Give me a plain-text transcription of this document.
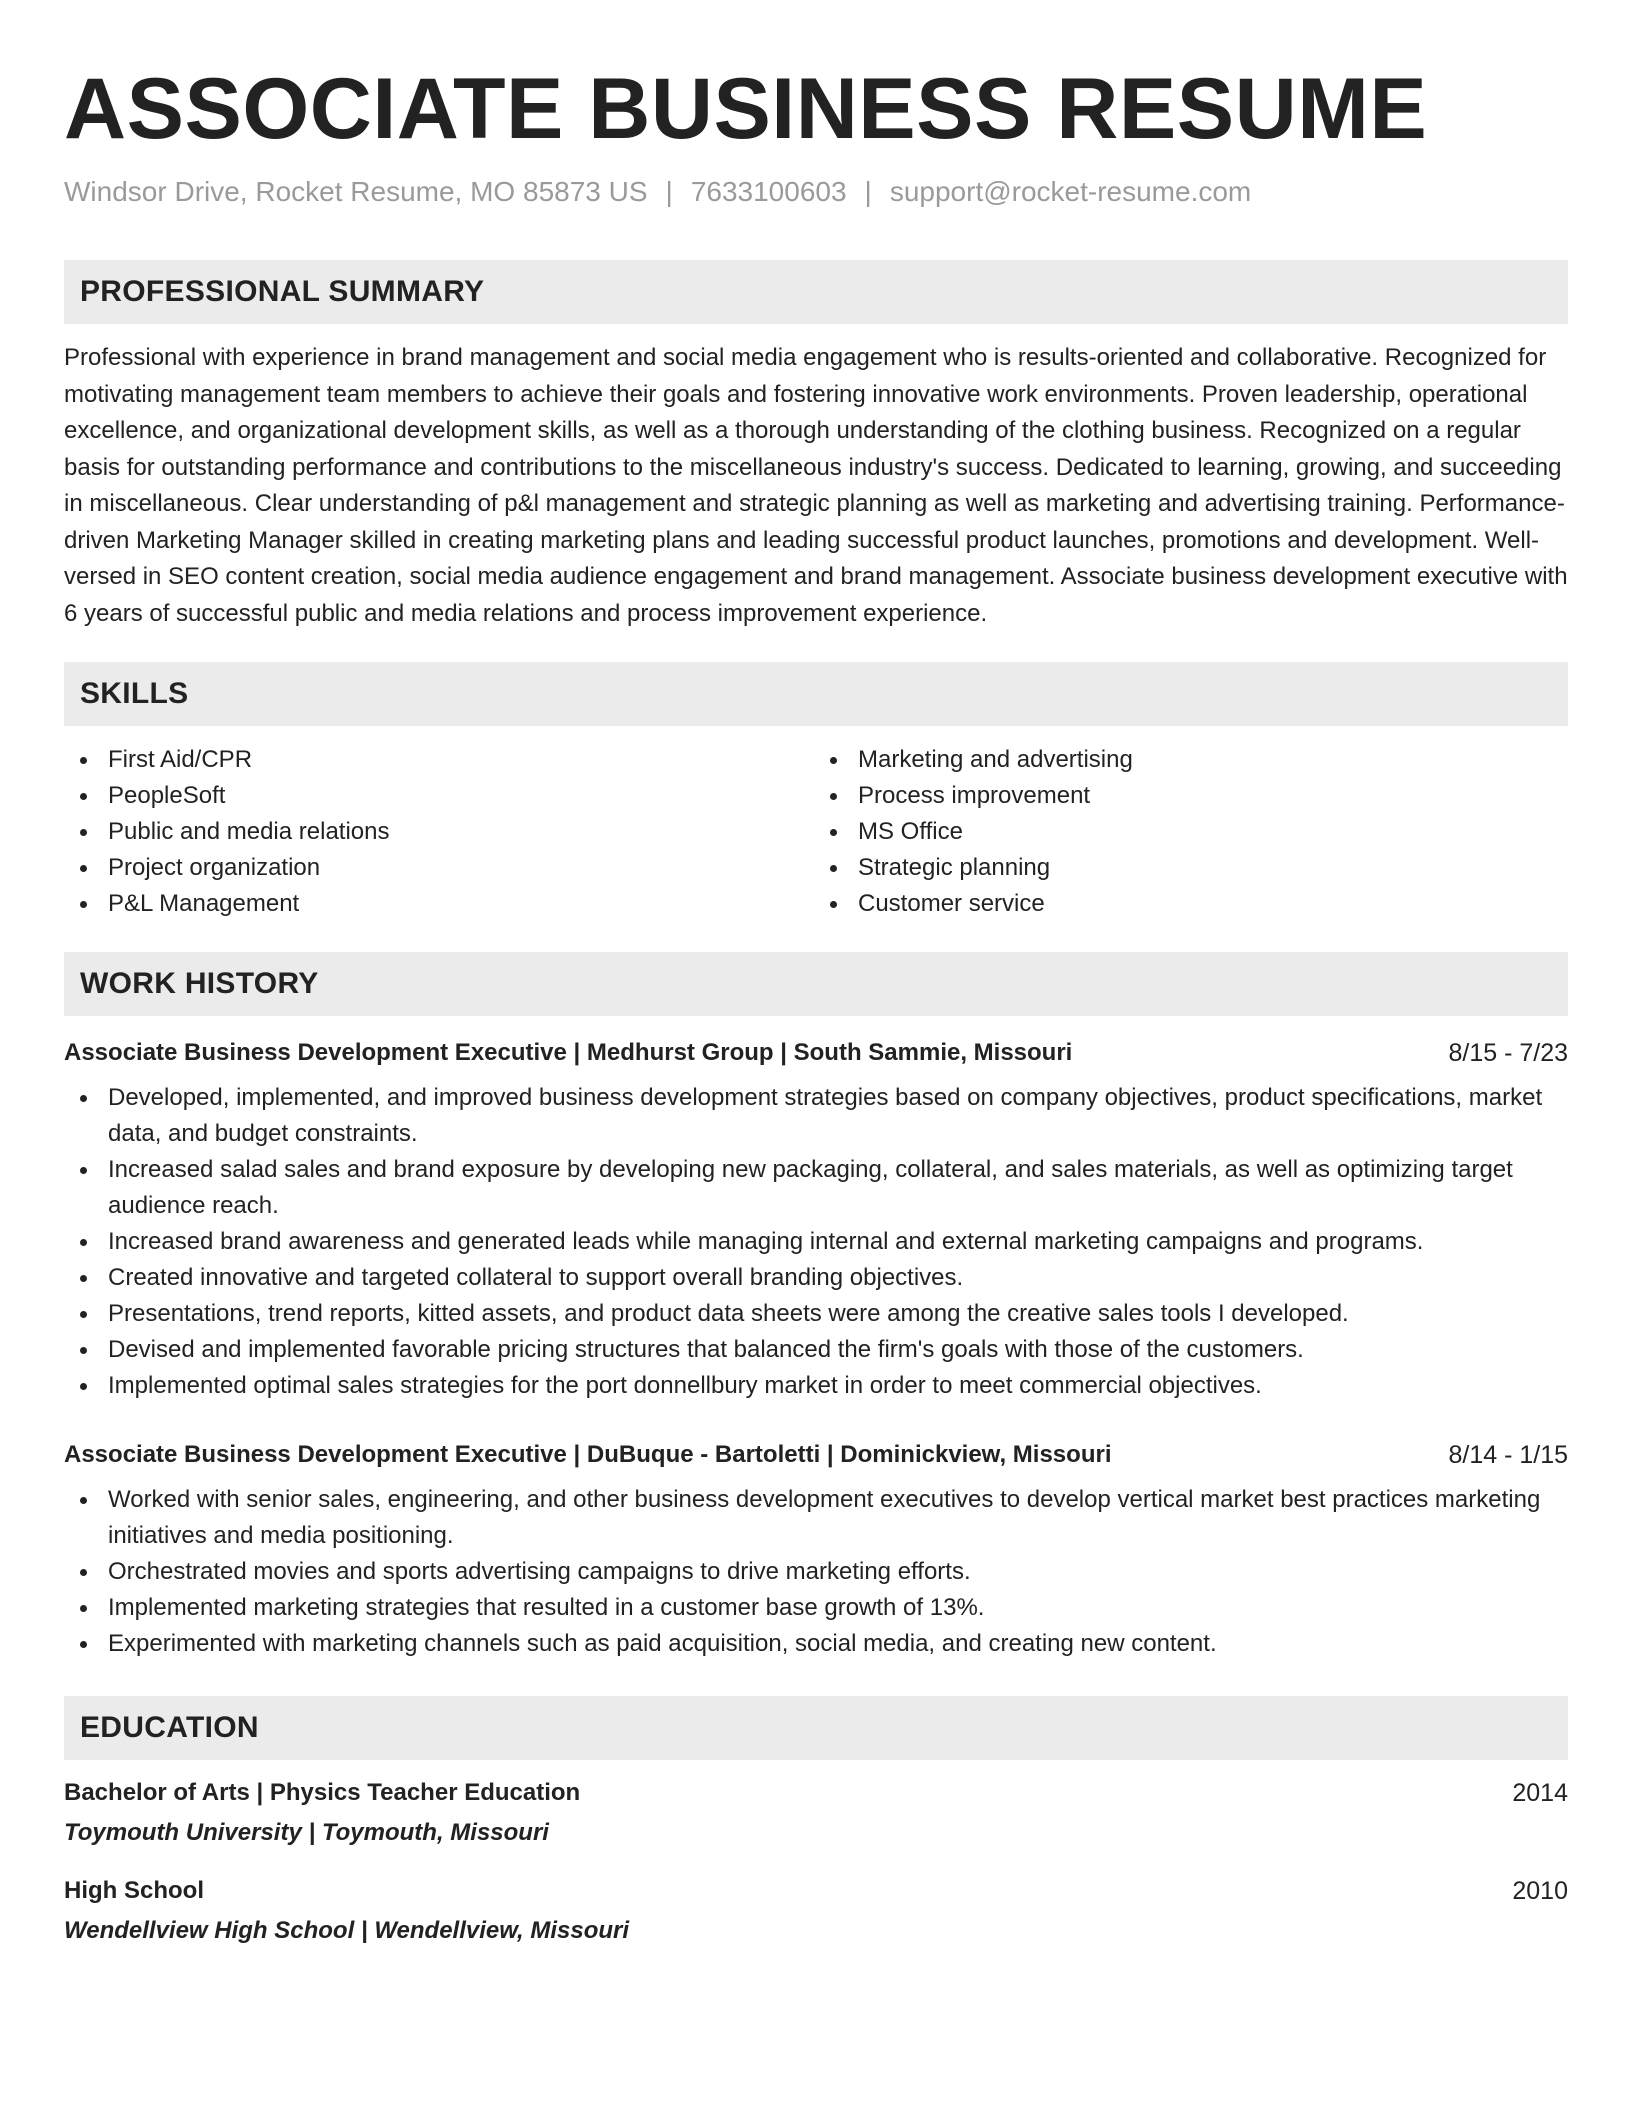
ASSOCIATE BUSINESS RESUME
Windsor Drive, Rocket Resume, MO 85873 US | 7633100603 | support@rocket-resume.com
PROFESSIONAL SUMMARY

Professional with experience in brand management and social media engagement who is results-oriented and collaborative. Recognized for motivating management team members to achieve their goals and fostering innovative work environments. Proven leadership, operational excellence, and organizational development skills, as well as a thorough understanding of the clothing business. Recognized on a regular basis for outstanding performance and contributions to the miscellaneous industry's success. Dedicated to learning, growing, and succeeding in miscellaneous. Clear understanding of p&l management and strategic planning as well as marketing and advertising training. Performance-driven Marketing Manager skilled in creating marketing plans and leading successful product launches, promotions and development. Well-versed in SEO content creation, social media audience engagement and brand management. Associate business development executive with 6 years of successful public and media relations and process improvement experience.

SKILLS
First Aid/CPR
PeopleSoft
Public and media relations
Project organization
P&L Management
Marketing and advertising
Process improvement
MS Office
Strategic planning
Customer service
WORK HISTORY
Associate Business Development Executive | Medhurst Group | South Sammie, Missouri	8/15 - 7/23
Developed, implemented, and improved business development strategies based on company objectives, product specifications, market data, and budget constraints.
Increased salad sales and brand exposure by developing new packaging, collateral, and sales materials, as well as optimizing target audience reach.
Increased brand awareness and generated leads while managing internal and external marketing campaigns and programs.
Created innovative and targeted collateral to support overall branding objectives.
Presentations, trend reports, kitted assets, and product data sheets were among the creative sales tools I developed.
Devised and implemented favorable pricing structures that balanced the firm's goals with those of the customers.
Implemented optimal sales strategies for the port donnellbury market in order to meet commercial objectives.
Associate Business Development Executive | DuBuque - Bartoletti | Dominickview, Missouri	8/14 - 1/15
Worked with senior sales, engineering, and other business development executives to develop vertical market best practices marketing initiatives and media positioning.
Orchestrated movies and sports advertising campaigns to drive marketing efforts.
Implemented marketing strategies that resulted in a customer base growth of 13%.
Experimented with marketing channels such as paid acquisition, social media, and creating new content.
EDUCATION
Bachelor of Arts | Physics Teacher Education	2014
Toymouth University | Toymouth, Missouri
High School	2010
Wendellview High School | Wendellview, Missouri
